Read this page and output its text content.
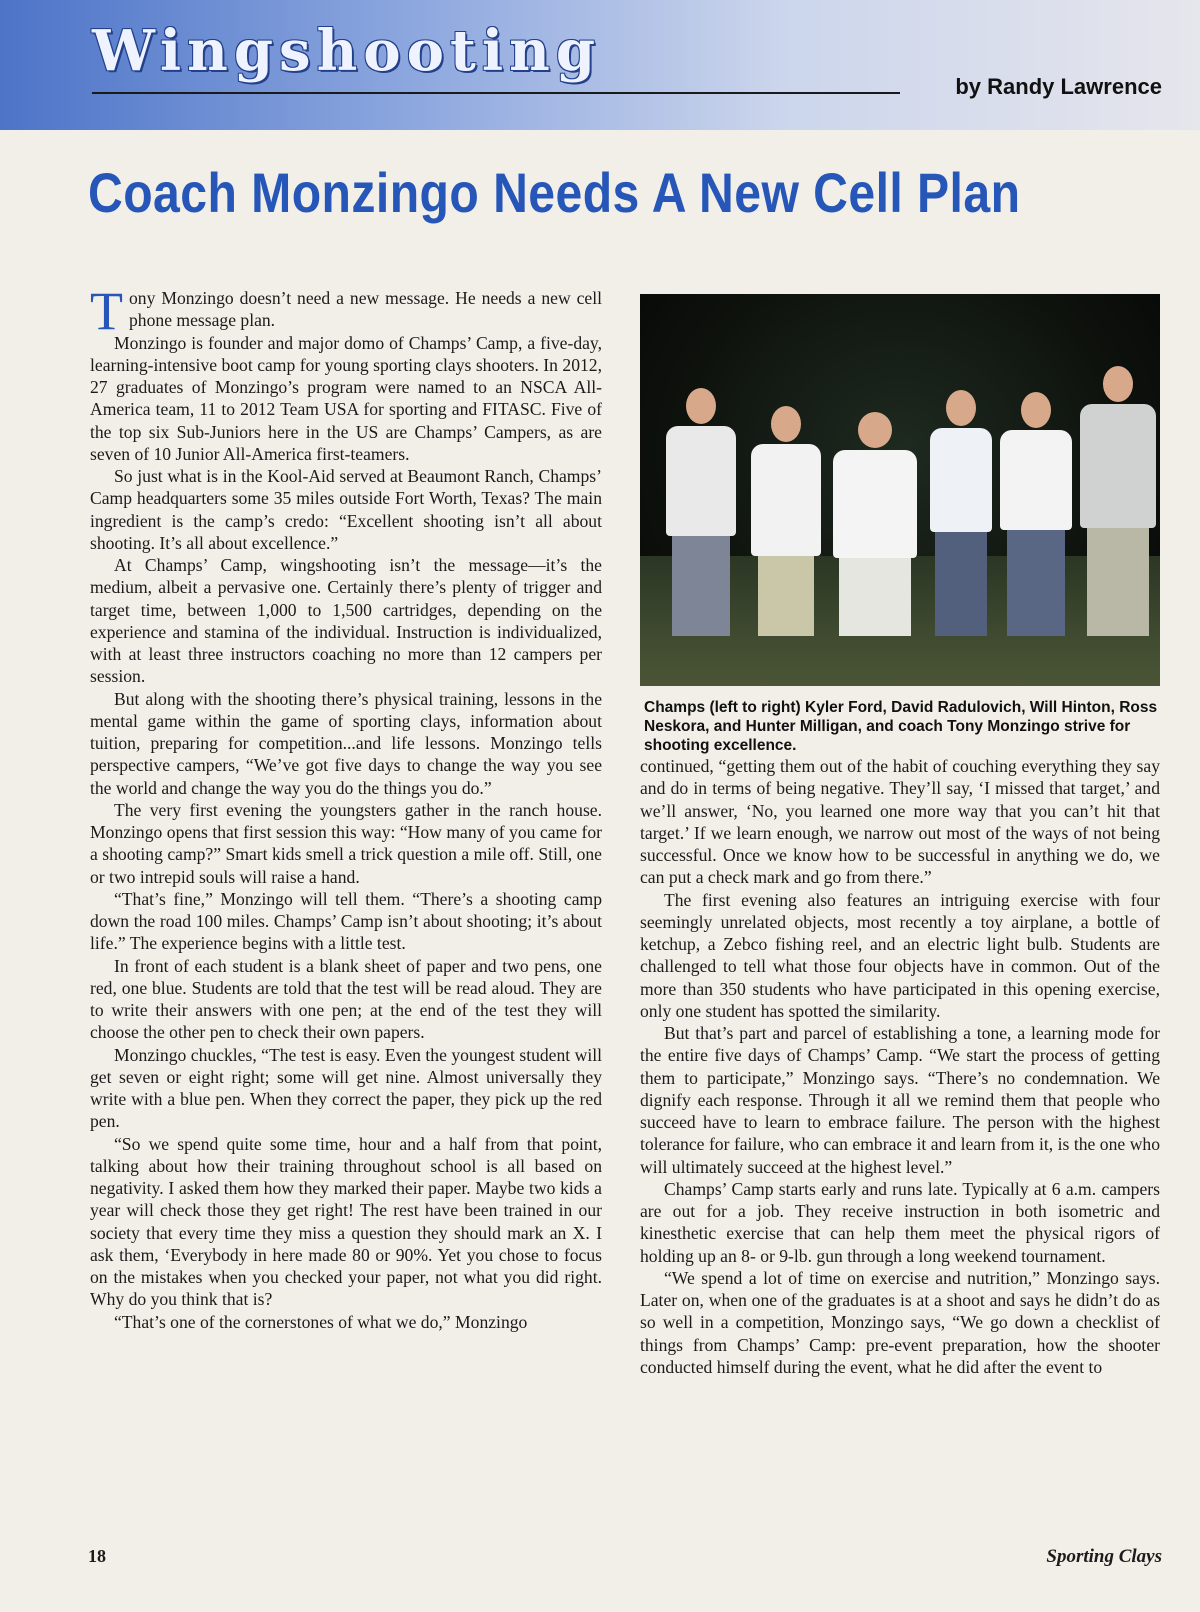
Wingshooting
by Randy Lawrence
Coach Monzingo Needs A New Cell Plan

Tony Monzingo doesn’t need a new message. He needs a new cell phone message plan.

Monzingo is founder and major domo of Champs’ Camp, a five-day, learning-intensive boot camp for young sporting clays shooters. In 2012, 27 graduates of Monzingo’s program were named to an NSCA All-America team, 11 to 2012 Team USA for sporting and FITASC. Five of the top six Sub-Juniors here in the US are Champs’ Campers, as are seven of 10 Junior All-America first-teamers.

So just what is in the Kool-Aid served at Beaumont Ranch, Champs’ Camp headquarters some 35 miles outside Fort Worth, Texas? The main ingredient is the camp’s credo: “Excellent shooting isn’t all about shooting. It’s all about excellence.”

At Champs’ Camp, wingshooting isn’t the message—it’s the medium, albeit a pervasive one. Certainly there’s plenty of trigger and target time, between 1,000 to 1,500 cartridges, depending on the experience and stamina of the individual. Instruction is individualized, with at least three instructors coaching no more than 12 campers per session.

But along with the shooting there’s physical training, lessons in the mental game within the game of sporting clays, information about tuition, preparing for competition...and life lessons. Monzingo tells perspective campers, “We’ve got five days to change the way you see the world and change the way you do the things you do.”

The very first evening the youngsters gather in the ranch house. Monzingo opens that first session this way: “How many of you came for a shooting camp?” Smart kids smell a trick question a mile off. Still, one or two intrepid souls will raise a hand.

“That’s fine,” Monzingo will tell them. “There’s a shooting camp down the road 100 miles. Champs’ Camp isn’t about shooting; it’s about life.” The experience begins with a little test.

In front of each student is a blank sheet of paper and two pens, one red, one blue. Students are told that the test will be read aloud. They are to write their answers with one pen; at the end of the test they will choose the other pen to check their own papers.

Monzingo chuckles, “The test is easy. Even the youngest student will get seven or eight right; some will get nine. Almost universally they write with a blue pen. When they correct the paper, they pick up the red pen.

“So we spend quite some time, hour and a half from that point, talking about how their training throughout school is all based on negativity. I asked them how they marked their paper. Maybe two kids a year will check those they get right! The rest have been trained in our society that every time they miss a question they should mark an X. I ask them, ‘Everybody in here made 80 or 90%. Yet you chose to focus on the mistakes when you checked your paper, not what you did right. Why do you think that is?

“That’s one of the cornerstones of what we do,” Monzingo

Champs (left to right) Kyler Ford, David Radulovich, Will Hinton, Ross Neskora, and Hunter Milligan, and coach Tony Monzingo strive for shooting excellence.

continued, “getting them out of the habit of couching everything they say and do in terms of being negative. They’ll say, ‘I missed that target,’ and we’ll answer, ‘No, you learned one more way that you can’t hit that target.’ If we learn enough, we narrow out most of the ways of not being successful. Once we know how to be successful in anything we do, we can put a check mark and go from there.”

The first evening also features an intriguing exercise with four seemingly unrelated objects, most recently a toy airplane, a bottle of ketchup, a Zebco fishing reel, and an electric light bulb. Students are challenged to tell what those four objects have in common. Out of the more than 350 students who have participated in this opening exercise, only one student has spotted the similarity.

But that’s part and parcel of establishing a tone, a learning mode for the entire five days of Champs’ Camp. “We start the process of getting them to participate,” Monzingo says. “There’s no condemnation. We dignify each response. Through it all we remind them that people who succeed have to learn to embrace failure. The person with the highest tolerance for failure, who can embrace it and learn from it, is the one who will ultimately succeed at the highest level.”

Champs’ Camp starts early and runs late. Typically at 6 a.m. campers are out for a job. They receive instruction in both isometric and kinesthetic exercise that can help them meet the physical rigors of holding up an 8- or 9-lb. gun through a long weekend tournament.

“We spend a lot of time on exercise and nutrition,” Monzingo says. Later on, when one of the graduates is at a shoot and says he didn’t do as so well in a competition, Monzingo says, “We go down a checklist of things from Champs’ Camp: pre-event preparation, how the shooter conducted himself during the event, what he did after the event to

18	Sporting Clays
